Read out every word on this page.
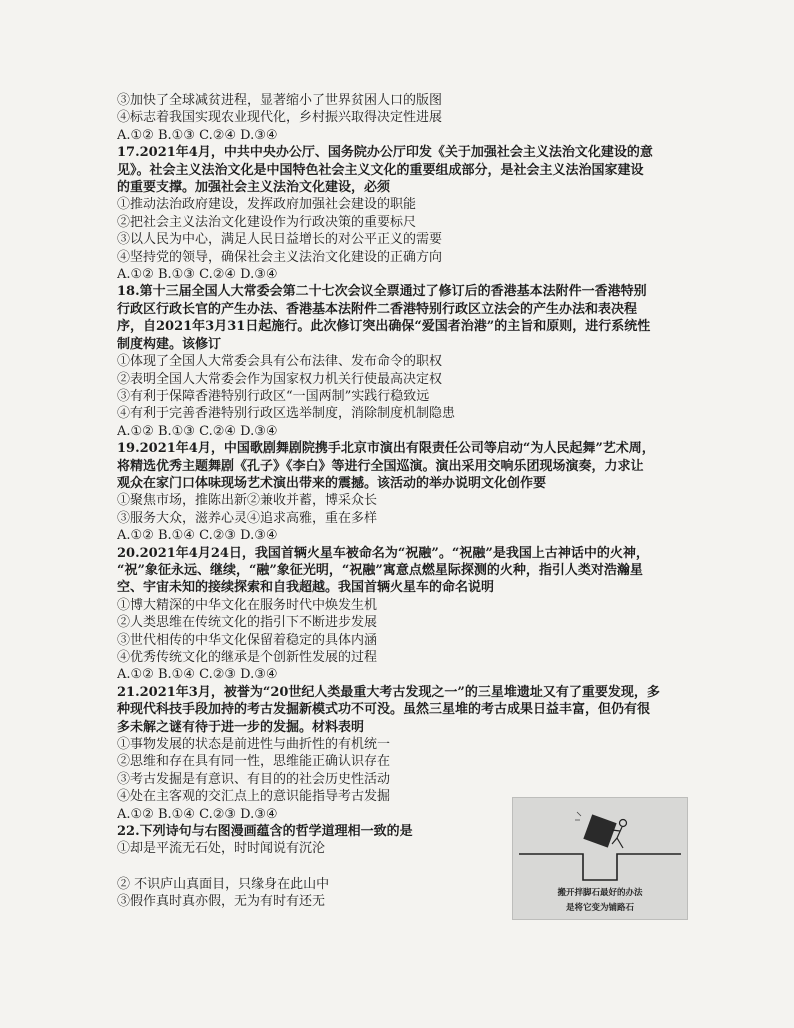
③加快了全球减贫进程，显著缩小了世界贫困人口的版图
④标志着我国实现农业现代化，乡村振兴取得决定性进展
A.①② B.①③ C.②④ D.③④
17.2021年4月，中共中央办公厅、国务院办公厅印发《关于加强社会主义法治文化建设的意
见》。社会主义法治文化是中国特色社会主义文化的重要组成部分，是社会主义法治国家建设
的重要支撑。加强社会主义法治文化建设，必须
①推动法治政府建设，发挥政府加强社会建设的职能
②把社会主义法治文化建设作为行政决策的重要标尺
③以人民为中心，满足人民日益增长的对公平正义的需要
④坚持党的领导，确保社会主义法治文化建设的正确方向
A.①② B.①③ C.②④ D.③④
18.第十三届全国人大常委会第二十七次会议全票通过了修订后的香港基本法附件一香港特别
行政区行政长官的产生办法、香港基本法附件二香港特别行政区立法会的产生办法和表决程
序，自2021年3月31日起施行。此次修订突出确保“爱国者治港”的主旨和原则，进行系统性
制度构建。该修订
①体现了全国人大常委会具有公布法律、发布命令的职权
②表明全国人大常委会作为国家权力机关行使最高决定权
③有利于保障香港特别行政区“一国两制”实践行稳致远
④有利于完善香港特别行政区选举制度，消除制度机制隐患
A.①② B.①③ C.②④ D.③④
19.2021年4月，中国歌剧舞剧院携手北京市演出有限责任公司等启动“为人民起舞”艺术周，
将精选优秀主题舞剧《孔子》《李白》等进行全国巡演。演出采用交响乐团现场演奏，力求让
观众在家门口体味现场艺术演出带来的震撼。该活动的举办说明文化创作要
①聚焦市场，推陈出新②兼收并蓄，博采众长
③服务大众，滋养心灵④追求高雅，重在多样
A.①② B.①④ C.②③ D.③④
20.2021年4月24日，我国首辆火星车被命名为“祝融”。“祝融”是我国上古神话中的火神，
“祝”象征永远、继续，“融”象征光明，“祝融”寓意点燃星际探测的火种，指引人类对浩瀚星
空、宇宙未知的接续探索和自我超越。我国首辆火星车的命名说明
①博大精深的中华文化在服务时代中焕发生机
②人类思维在传统文化的指引下不断进步发展
③世代相传的中华文化保留着稳定的具体内涵
④优秀传统文化的继承是个创新性发展的过程
A.①② B.①④ C.②③ D.③④
21.2021年3月，被誉为“20世纪人类最重大考古发现之一”的三星堆遗址又有了重要发现，多
种现代科技手段加持的考古发掘新模式功不可没。虽然三星堆的考古成果日益丰富，但仍有很
多未解之谜有待于进一步的发掘。材料表明
①事物发展的状态是前进性与曲折性的有机统一
②思维和存在具有同一性，思维能正确认识存在
③考古发掘是有意识、有目的的社会历史性活动
④处在主客观的交汇点上的意识能指导考古发掘
A.①② B.①④ C.②③ D.③④
22.下列诗句与右图漫画蕴含的哲学道理相一致的是
①却是平流无石处，时时闻说有沉沦
② 不识庐山真面目，只缘身在此山中
③假作真时真亦假，无为有时有还无
搬开拌脚石最好的办法
是将它变为铺路石
